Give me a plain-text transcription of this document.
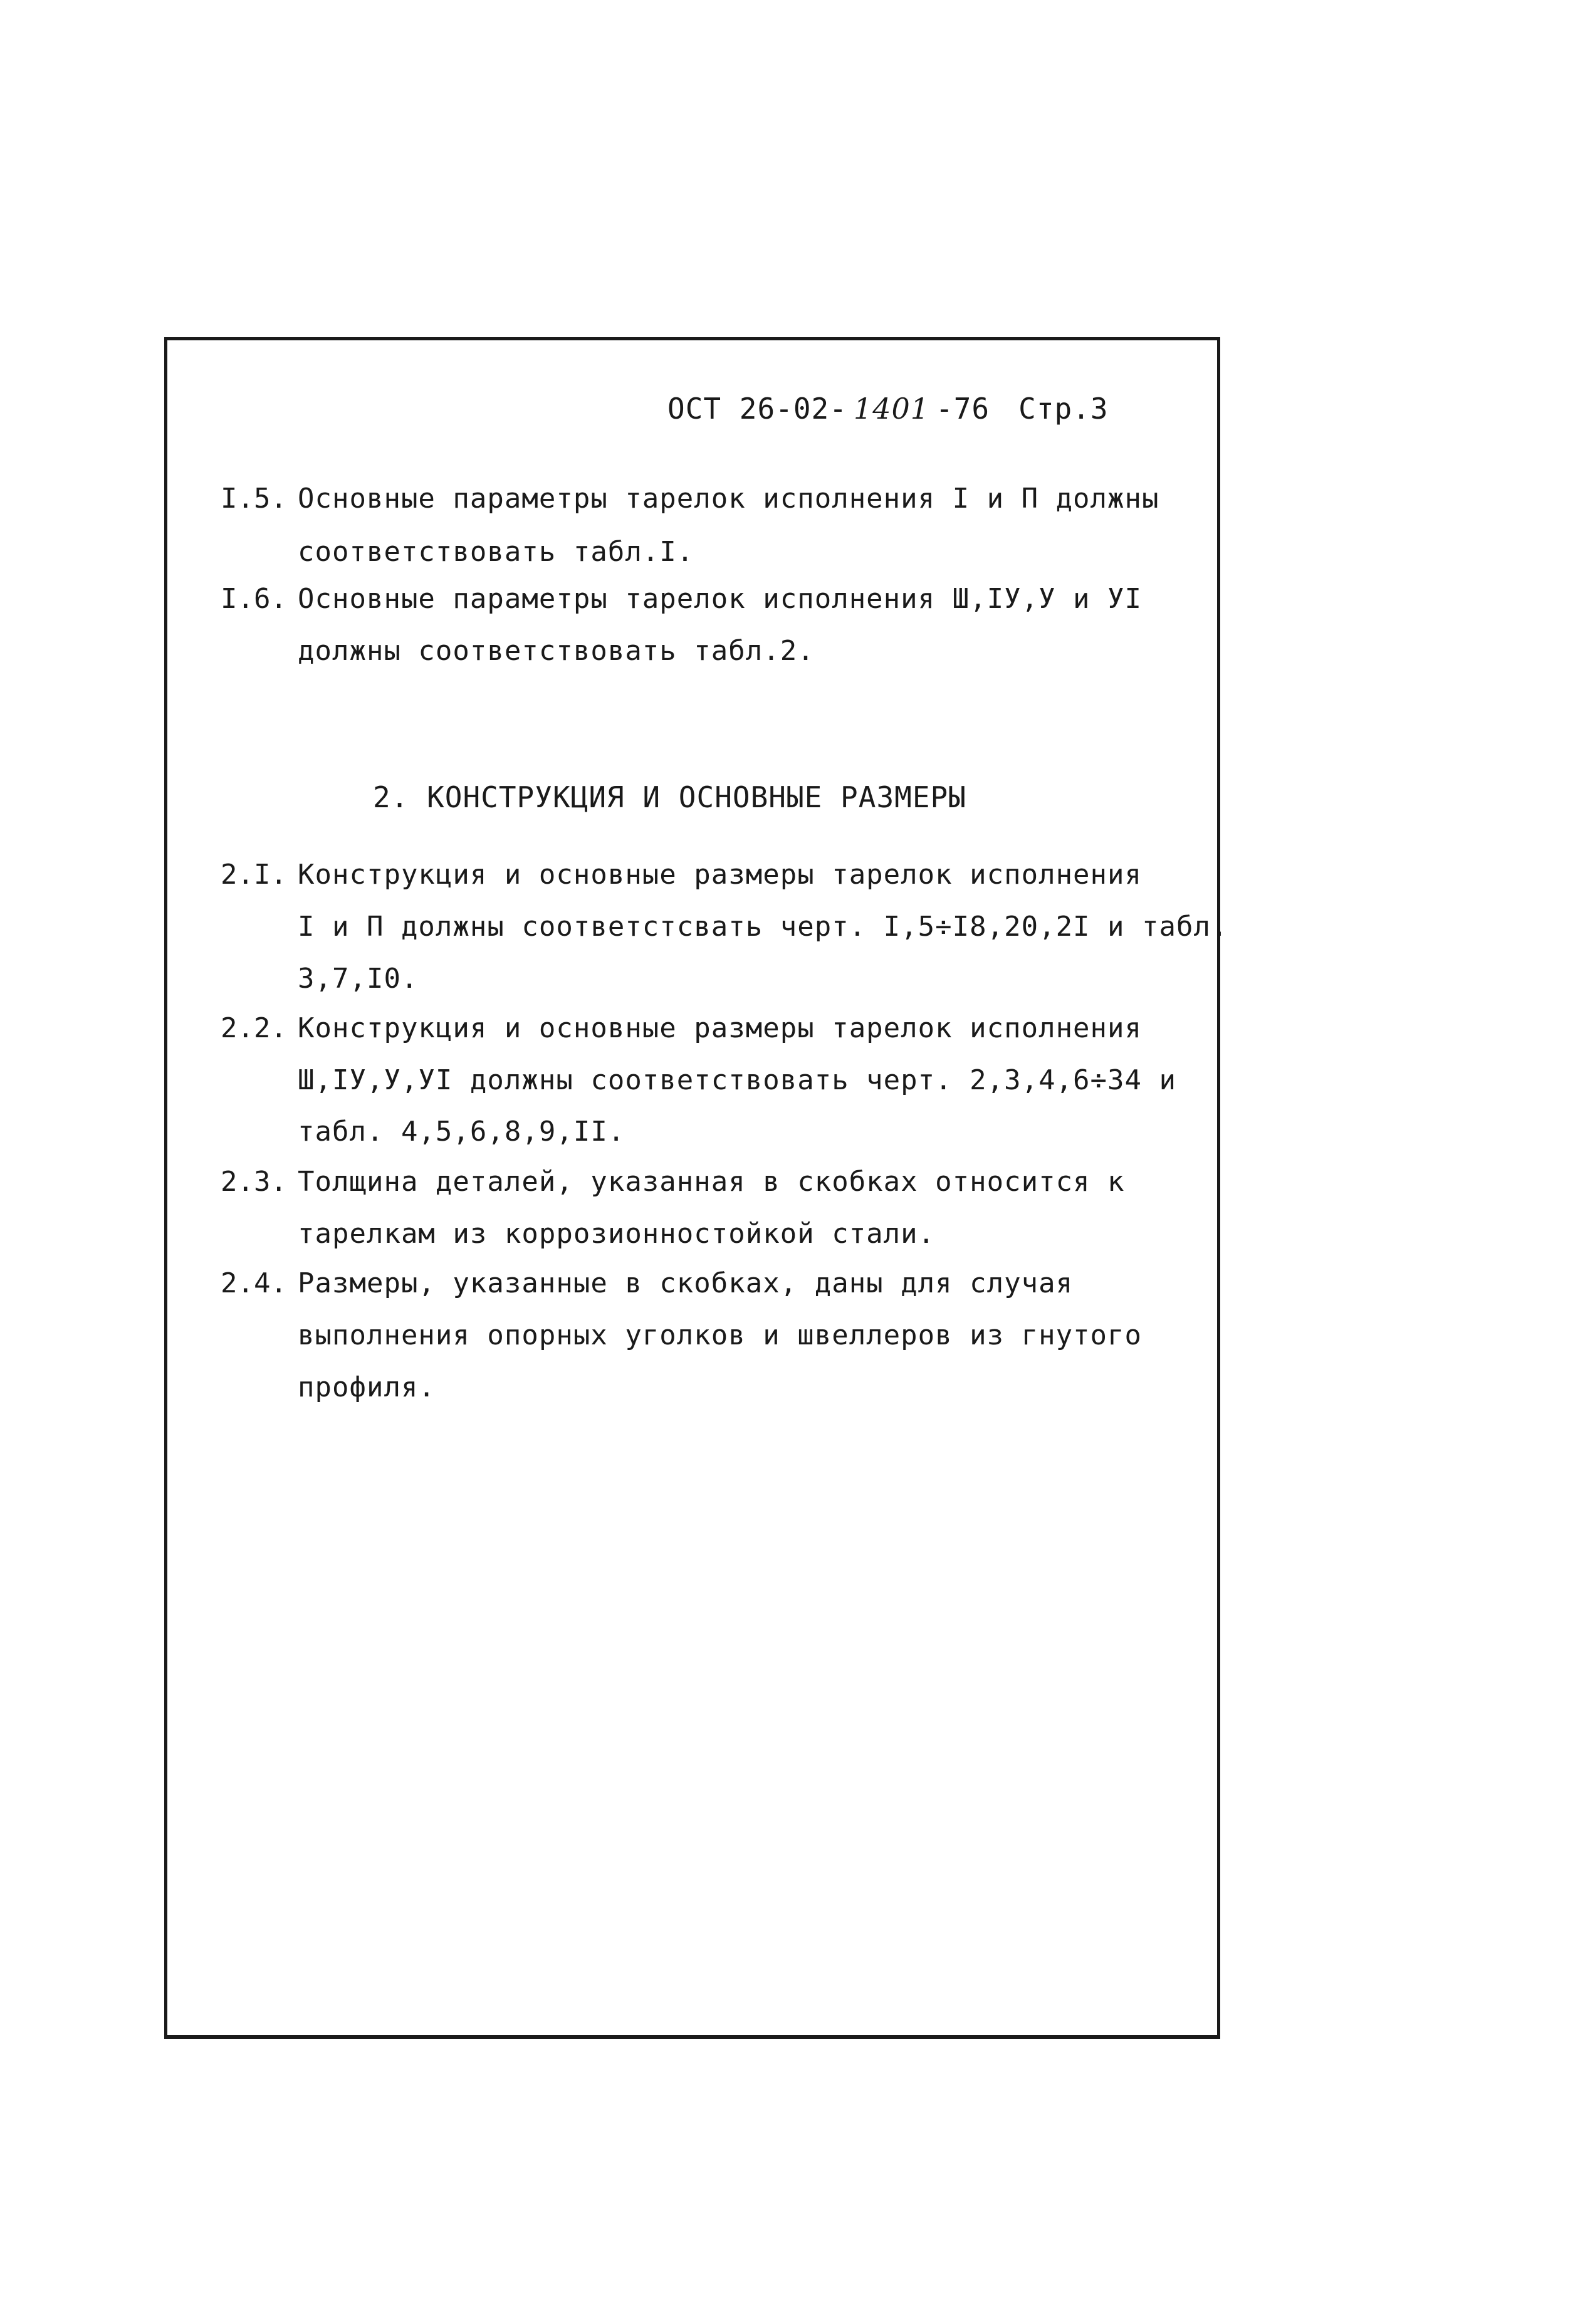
ОСТ 26-02- 1401 -76 Стр.3
I.5. Основные параметры тарелок исполнения I и П должны
соответствовать табл.I.
I.6. Основные параметры тарелок исполнения Ш,IУ,У и УI
должны соответствовать табл.2.
2. КОНСТРУКЦИЯ И ОСНОВНЫЕ РАЗМЕРЫ
2.I. Конструкция и основные размеры тарелок исполнения
I и П должны соответстсвать черт. I,5÷I8,20,2I и табл.
3,7,I0.
2.2. Конструкция и основные размеры тарелок исполнения
Ш,IУ,У,УI должны соответствовать черт. 2,3,4,6÷34 и
табл. 4,5,6,8,9,II.
2.3. Толщина деталей, указанная в скобках относится к
тарелкам из коррозионностойкой стали.
2.4. Размеры, указанные в скобках, даны для случая
выполнения опорных уголков и швеллеров из гнутого
профиля.
